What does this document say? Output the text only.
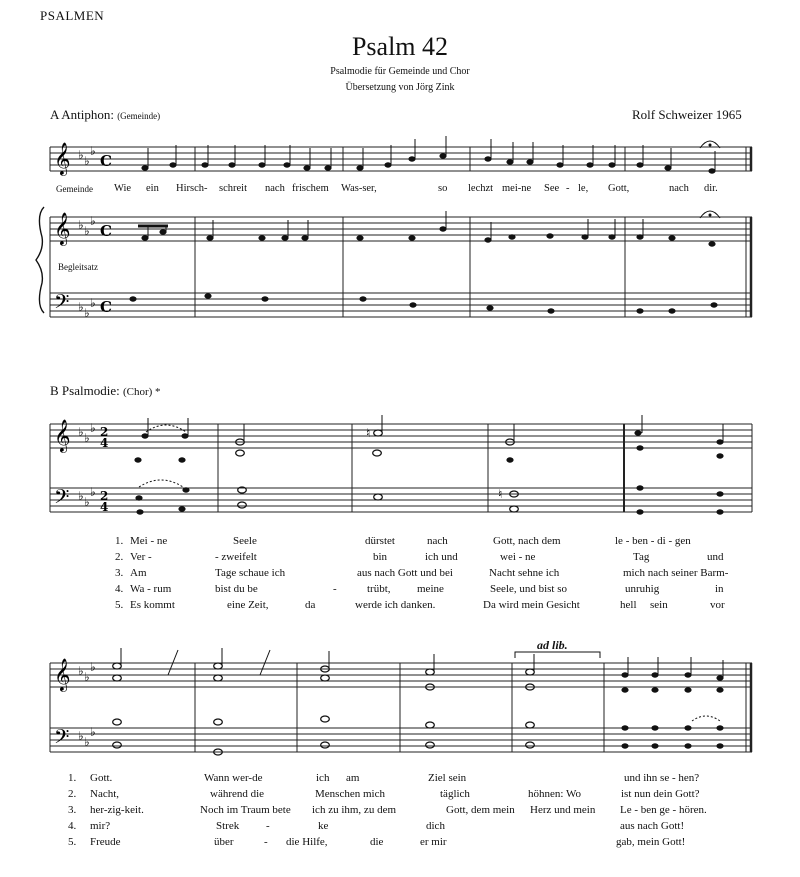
PSALMEN
Psalm 42
Psalmodie für Gemeinde und Chor
Übersetzung von Jörg Zink
A Antiphon: (Gemeinde)	Rolf Schweizer 1965
Gemeinde Wie ein Hirsch- schreit nach frischem Was-ser,	so lechzt mei-ne See - le, Gott,	nach dir.
Begleitsatz
B Psalmodie: (Chor) *
ad lib.
1. Mei - ne	Seele	dürstet	nach	Gott, nach dem	le - ben - di - gen
2. Ver -	- zweifelt	bin	ich und	wei - ne	Tag	und
3. Am	Tage schaue ich	aus nach Gott und bei	Nacht sehne ich	mich nach seiner Barm-
4. Wa - rum	bist du be	-	trübt, meine	Seele, und bist so	unruhig	in
5. Es kommt	eine Zeit,	da	werde ich danken.	Da wird mein Gesicht	hell sein	vor
1. Gott.	Wann wer-de	ich am	Ziel sein	und ihn se - hen?
2. Nacht,	während die	Menschen mich	täglich	höhnen: Wo	ist nun dein Gott?
3. her-zig-keit.	Noch im Traum bete ich zu ihm, zu dem	Gott, dem mein Herz und mein Le - ben ge - hören.
4. mir?	Strek -	ke	dich	aus nach Gott!
5. Freude	über	- die Hilfe,	die	er mir	gab, mein Gott!
𝄞 ♭ ♭
♭
C
𝄞 ♭ ♭
♭
C
𝄢 ♭ ♭
♭ C
𝄞
𝄢
♭ ♭
♭
♭ ♭
♭
2
4
2
4
♮
♮
𝄞
𝄢
♭ ♭
♭
♭ ♭
♭
